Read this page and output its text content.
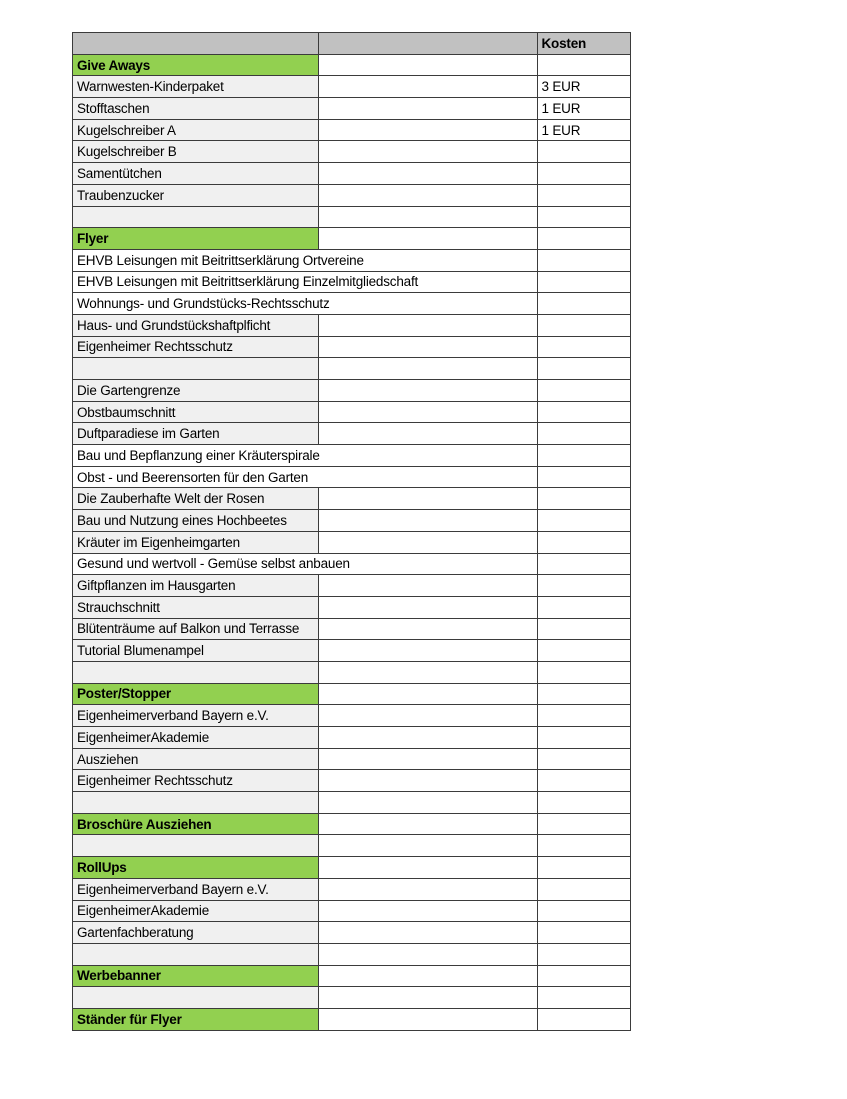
Kosten
Give Aways
Warnwesten-Kinderpaket	3 EUR
Stofftaschen	1 EUR
Kugelschreiber A	1 EUR
Kugelschreiber B
Samentütchen
Traubenzucker
Flyer
EHVB Leisungen mit Beitrittserklärung Ortvereine
EHVB Leisungen mit Beitrittserklärung Einzelmitgliedschaft
Wohnungs- und Grundstücks-Rechtsschutz
Haus- und Grundstückshaftplficht
Eigenheimer Rechtsschutz
Die Gartengrenze
Obstbaumschnitt
Duftparadiese im Garten
Bau und Bepflanzung einer Kräuterspirale
Obst - und Beerensorten für den Garten
Die Zauberhafte Welt der Rosen
Bau und Nutzung eines Hochbeetes
Kräuter im Eigenheimgarten
Gesund und wertvoll - Gemüse selbst anbauen
Giftpflanzen im Hausgarten
Strauchschnitt
Blütenträume auf Balkon und Terrasse
Tutorial Blumenampel
Poster/Stopper
Eigenheimerverband Bayern e.V.
EigenheimerAkademie
Ausziehen
Eigenheimer Rechtsschutz
Broschüre Ausziehen
RollUps
Eigenheimerverband Bayern e.V.
EigenheimerAkademie
Gartenfachberatung
Werbebanner
Ständer für Flyer
